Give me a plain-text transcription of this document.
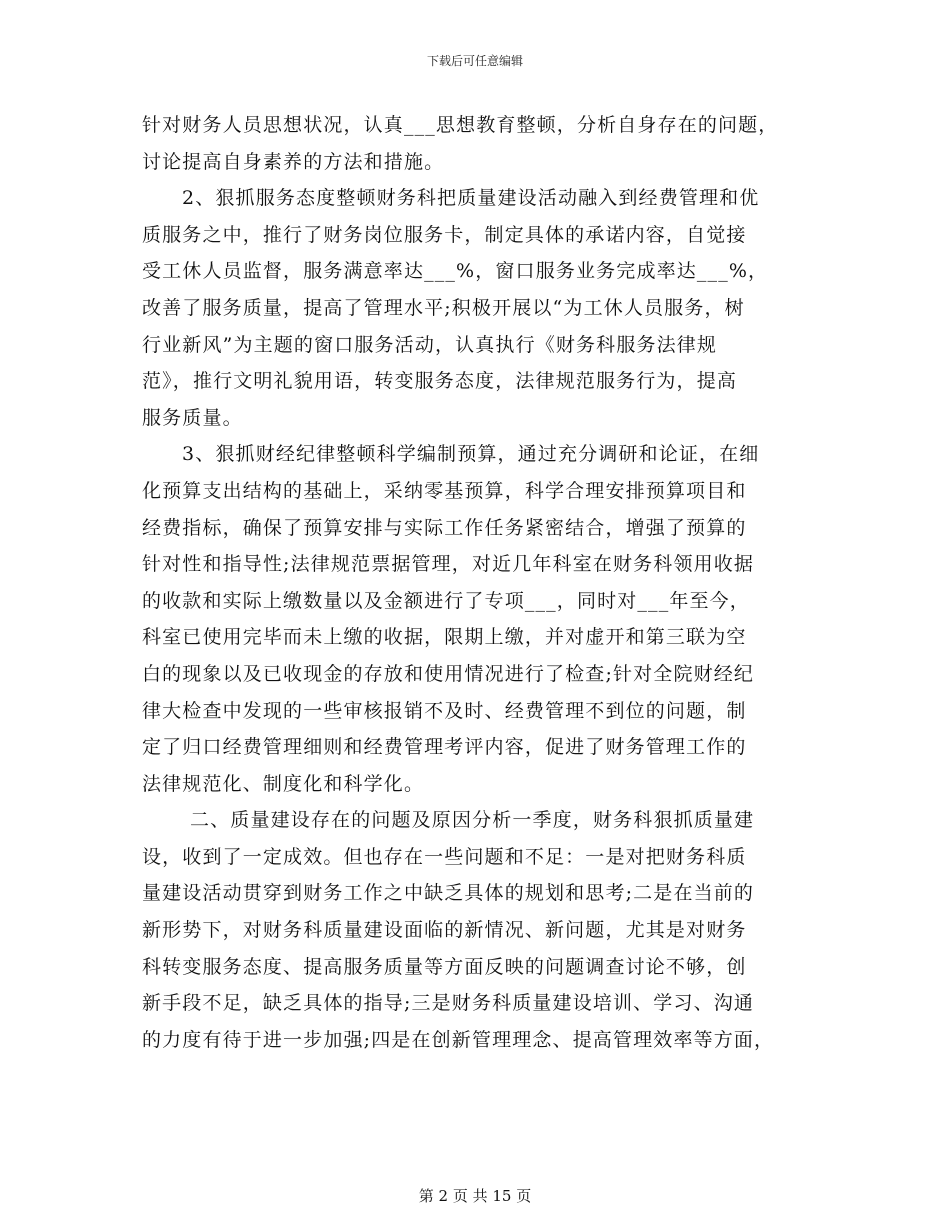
下载后可任意编辑
针对财务人员思想状况，认真___思想教育整顿，分析自身存在的问题，
讨论提高自身素养的方法和措施。
2、狠抓服务态度整顿财务科把质量建设活动融入到经费管理和优
质服务之中，推行了财务岗位服务卡，制定具体的承诺内容，自觉接
受工休人员监督，服务满意率达___%，窗口服务业务完成率达___%，
改善了服务质量，提高了管理水平;积极开展以“为工休人员服务，树
行业新风”为主题的窗口服务活动，认真执行《财务科服务法律规
范》，推行文明礼貌用语，转变服务态度，法律规范服务行为，提高
服务质量。
3、狠抓财经纪律整顿科学编制预算，通过充分调研和论证，在细
化预算支出结构的基础上，采纳零基预算，科学合理安排预算项目和
经费指标，确保了预算安排与实际工作任务紧密结合，增强了预算的
针对性和指导性;法律规范票据管理，对近几年科室在财务科领用收据
的收款和实际上缴数量以及金额进行了专项___，同时对___年至今，
科室已使用完毕而未上缴的收据，限期上缴，并对虚开和第三联为空
白的现象以及已收现金的存放和使用情况进行了检查;针对全院财经纪
律大检查中发现的一些审核报销不及时、经费管理不到位的问题，制
定了归口经费管理细则和经费管理考评内容，促进了财务管理工作的
法律规范化、制度化和科学化。
二、质量建设存在的问题及原因分析一季度，财务科狠抓质量建
设，收到了一定成效。但也存在一些问题和不足：一是对把财务科质
量建设活动贯穿到财务工作之中缺乏具体的规划和思考;二是在当前的
新形势下，对财务科质量建设面临的新情况、新问题，尤其是对财务
科转变服务态度、提高服务质量等方面反映的问题调查讨论不够，创
新手段不足，缺乏具体的指导;三是财务科质量建设培训、学习、沟通
的力度有待于进一步加强;四是在创新管理理念、提高管理效率等方面，
第 2 页 共 15 页
